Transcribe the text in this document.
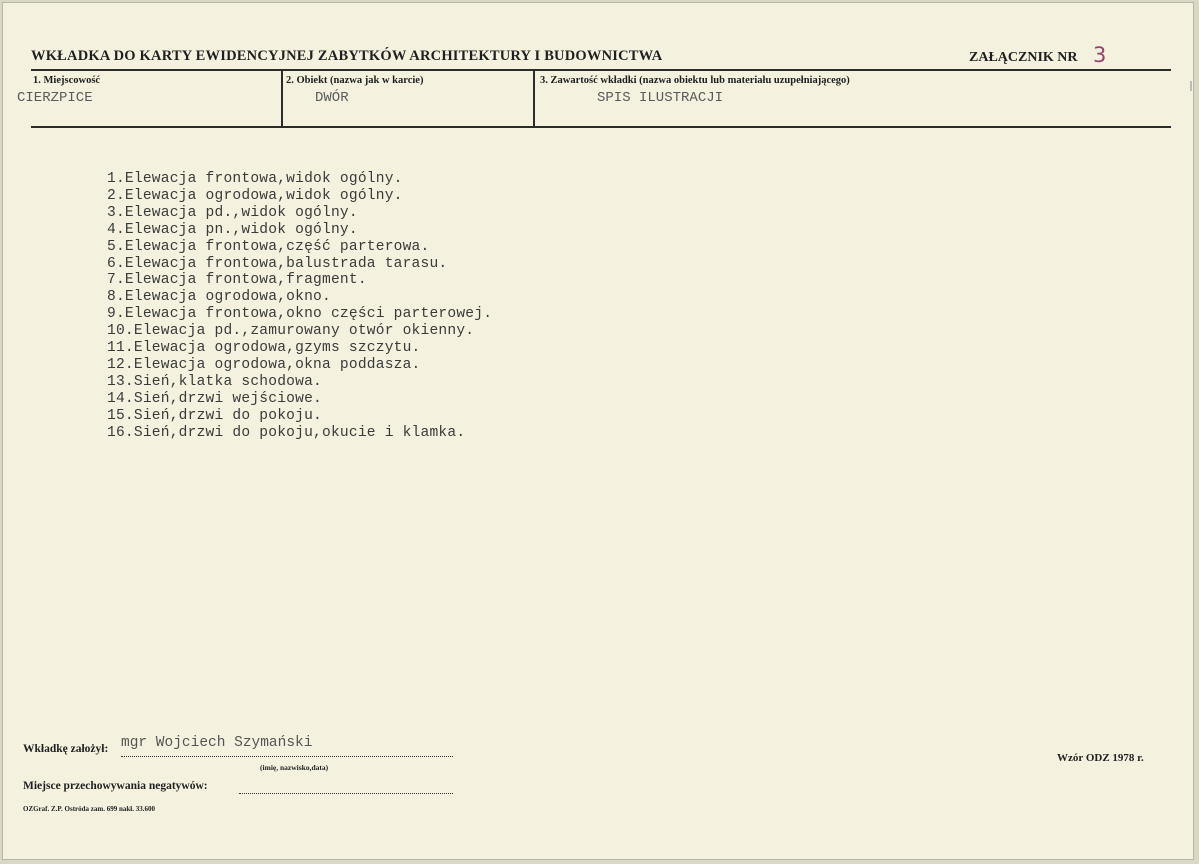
WKŁADKA DO KARTY EWIDENCYJNEJ ZABYTKÓW ARCHITEKTURY I BUDOWNICTWA	ZAŁĄCZNIK NR 3
1. Miejscowość
CIERZPICE
2. Obiekt (nazwa jak w karcie)
DWÓR
3. Zawartość wkładki (nazwa obiektu lub materiału uzupełniającego)
SPIS ILUSTRACJI
1.Elewacja frontowa,widok ogólny.
2.Elewacja ogrodowa,widok ogólny.
3.Elewacja pd.,widok ogólny.
4.Elewacja pn.,widok ogólny.
5.Elewacja frontowa,część parterowa.
6.Elewacja frontowa,balustrada tarasu.
7.Elewacja frontowa,fragment.
8.Elewacja ogrodowa,okno.
9.Elewacja frontowa,okno części parterowej.
10.Elewacja pd.,zamurowany otwór okienny.
11.Elewacja ogrodowa,gzyms szczytu.
12.Elewacja ogrodowa,okna poddasza.
13.Sień,klatka schodowa.
14.Sień,drzwi wejściowe.
15.Sień,drzwi do pokoju.
16.Sień,drzwi do pokoju,okucie i klamka.
Wkładkę założył: mgr Wojciech Szymański
(imię, nazwisko,data)
Miejsce przechowywania negatywów:
OZGraf. Z.P. Ostróda zam. 699 nakł. 33.600
Wzór ODZ 1978 r.
